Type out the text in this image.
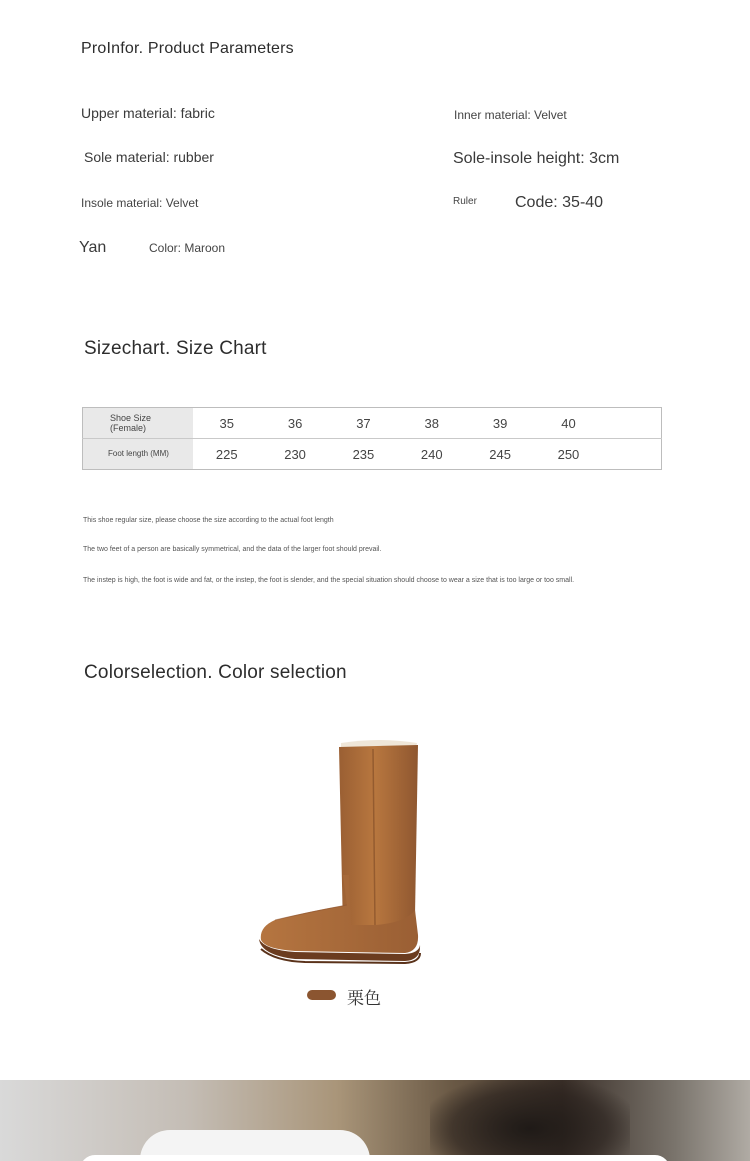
ProInfor. Product Parameters
Upper material: fabric	Inner material: Velvet
Sole material: rubber	Sole-insole height: 3cm
Insole material: Velvet	Ruler Code: 35-40
Yan	Color: Maroon
Sizechart. Size Chart
Shoe Size
(Female)	35	36	37	38	39	40	

Foot length (MM)	225	230	235	240	245	250	
This shoe regular size, please choose the size according to the actual foot length
The two feet of a person are basically symmetrical, and the data of the larger foot should prevail.
The instep is high, the foot is wide and fat, or the instep, the foot is slender, and the special situation should choose to wear a size that is too large or too small.
Colorselection. Color selection
栗色
